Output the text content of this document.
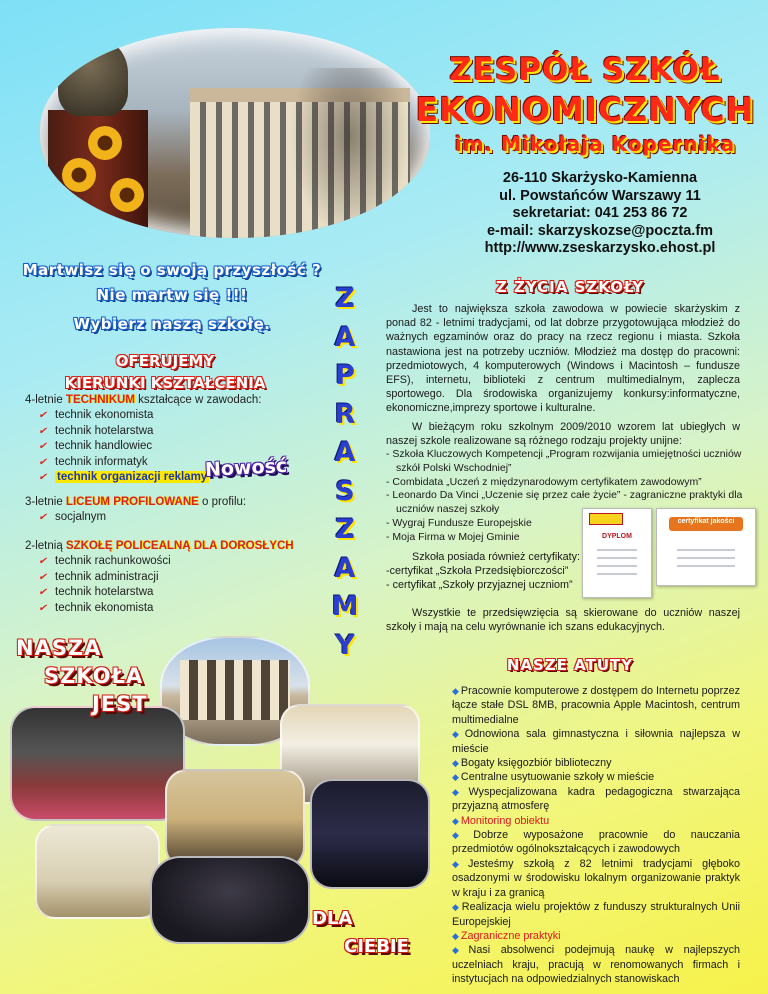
ZESPÓŁ SZKÓŁ
EKONOMICZNYCH
im. Mikołaja Kopernika
26-110 Skarżysko-Kamienna
ul. Powstańców Warszawy 11
sekretariat: 041 253 86 72
e-mail: skarzyskozse@poczta.fm
http://www.zseskarzysko.ehost.pl
Martwisz się o swoją przyszłość ?
Nie martw się !!!
Wybierz naszą szkołę.
OFERUJEMY
KIERUNKI KSZTAŁCENIA
4-letnie TECHNIKUM kształcące w zawodach:
✔ technik ekonomista
✔ technik hotelarstwa
✔ technik handlowiec
✔ technik informatyk
✔ technik organizacji reklamy
Nowość
3-letnie LICEUM PROFILOWANE o profilu:
✔ socjalnym
2-letnią SZKOŁĘ POLICEALNĄ DLA DOROSŁYCH
✔ technik rachunkowości
✔ technik administracji
✔ technik hotelarstwa
✔ technik ekonomista
Z
A
P
R
A
S
Z
A
M
Y
NASZA
SZKOŁA
JEST
DLA
CIEBIE
Z ŻYCIA SZKOŁY

Jest to największa szkoła zawodowa w powiecie skarżyskim z ponad 82 - letnimi tradycjami, od lat dobrze przygotowująca młodzież do ważnych egzaminów oraz do pracy na rzecz regionu i miasta. Szkoła nastawiona jest na potrzeby uczniów. Młodzież ma dostęp do pracowni: przedmiotowych, 4 komputerowych (Windows i Macintosh – fundusze EFS), internetu, biblioteki z centrum multimedialnym, zaplecza sportowego. Dla środowiska organizujemy konkursy:informatyczne, ekonomiczne,imprezy sportowe i kulturalne.

W bieżącym roku szkolnym 2009/2010 wzorem lat ubiegłych w naszej szkole realizowane są różnego rodzaju projekty unijne:

- Szkoła Kluczowych Kompetencji „Program rozwijania umiejętności uczniów
szkół Polski Wschodniej”
- Combidata „Uczeń z międzynarodowym certyfikatem zawodowym”
- Leonardo Da Vinci „Uczenie się przez całe życie” - zagraniczne praktyki dla
uczniów naszej szkoły
- Wygraj Fundusze Europejskie
- Moja Firma w Mojej Gminie	DYPLOM
certyfikat jakości

Szkoła posiada również certyfikaty:

-certyfikat „Szkoła Przedsiębiorczości”
- certyfikat „Szkoły przyjaznej uczniom”

Wszystkie te przedsięwzięcia są skierowane do uczniów naszej szkoły i mają na celu wyrównanie ich szans edukacyjnych.

NASZE ATUTY
◆ Pracownie komputerowe z dostępem do Internetu poprzez łącze stałe DSL 8MB, pracownia Apple Macintosh, centrum multimedialne
◆ Odnowiona sala gimnastyczna i siłownia najlepsza w mieście
◆ Bogaty księgozbiór biblioteczny
◆ Centralne usytuowanie szkoły w mieście
◆ Wyspecjalizowana kadra pedagogiczna stwarzająca przyjazną atmosferę
◆ Monitoring obiektu
◆ Dobrze wyposażone pracownie do nauczania przedmiotów ogólnokształcących i zawodowych
◆ Jesteśmy szkołą z 82 letnimi tradycjami głęboko osadzonymi w środowisku lokalnym organizowanie praktyk w kraju i za granicą
◆ Realizacja wielu projektów z funduszy strukturalnych Unii Europejskiej
◆ Zagraniczne praktyki
◆ Nasi absolwenci podejmują naukę w najlepszych uczelniach kraju, pracują w renomowanych firmach i instytucjach na odpowiedzialnych stanowiskach
